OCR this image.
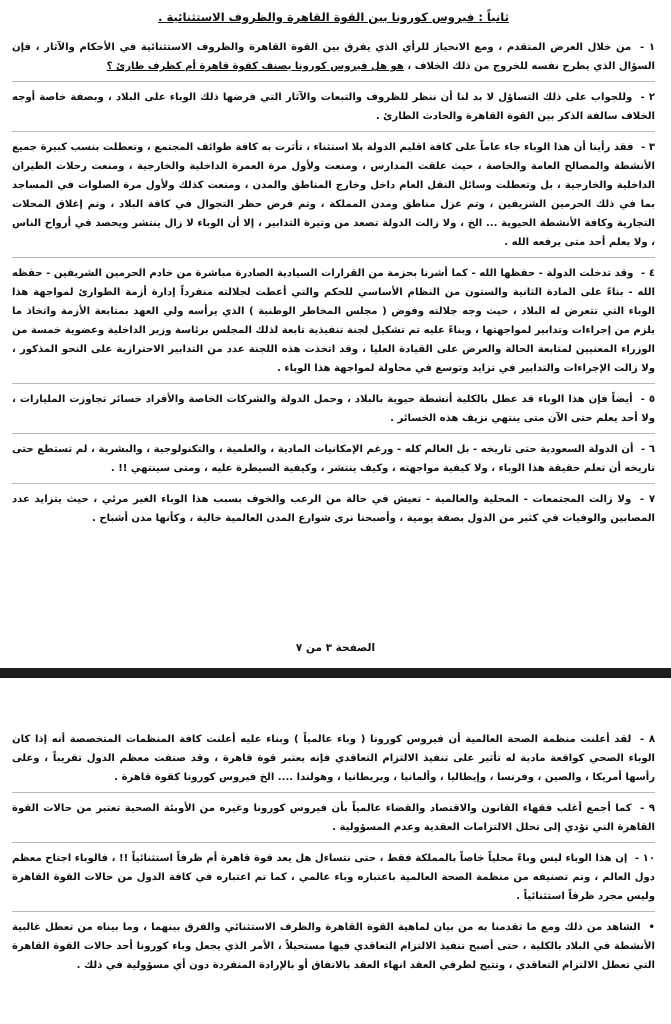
ثانياً : فيروس كورونا بين القوة القاهرة والظروف الاستثنائية .

١ - من خلال العرض المتقدم ، ومع الانحياز للرأي الذي يفرق بين القوة القاهرة والظروف الاستثنائية في الأحكام والآثار ، فإن السؤال الذي يطرح نفسه للخروج من ذلك الخلاف ، هو هل فيروس كورونا يصنف كقوة قاهرة أم كظرف طارئ ؟

٢ - وللجواب على ذلك التساؤل لا بد لنا أن ننظر للظروف والتبعات والآثار التي فرضها ذلك الوباء على البلاد ، وبصفة خاصة أوجه الخلاف سالفة الذكر بين القوة القاهرة والحادث الطارئ .

٣ - فقد رأينا أن هذا الوباء جاء عاماً على كافة اقليم الدولة بلا استثناء ، تأثرت به كافة طوائف المجتمع ، وتعطلت بنسب كبيرة جميع الأنشطة والمصالح العامة والخاصة ، حيث علقت المدارس ، ومنعت ولأول مرة العمرة الداخلية والخارجية ، ومنعت رحلات الطيران الداخلية والخارجية ، بل وتعطلت وسائل النقل العام داخل وخارج المناطق والمدن ، ومنعت كذلك ولأول مرة الصلوات في المساجد بما في ذلك الحرمين الشريفين ، وتم عزل مناطق ومدن المملكة ، وتم فرض حظر التجوال في كافة البلاد ، وتم إغلاق المحلات التجارية وكافة الأنشطة الحيوية ... الخ ، ولا زالت الدولة تصعد من وتيرة التدابير ، إلا أن الوباء لا زال ينتشر ويحصد في أرواح الناس ، ولا يعلم أحد متى يرفعه الله .

٤ - وقد تدخلت الدولة - حفظها الله - كما أشرنا بحزمة من القرارات السيادية الصادرة مباشرة من خادم الحرمين الشريفين - حفظه الله - بناءً على المادة الثانية والستون من النظام الأساسي للحكم والتي أعطت لجلالته منفرداً إدارة أزمة الطوارئ لمواجهة هذا الوباء التي تتعرض له البلاد ، حيث وجه جلالته وفوض ( مجلس المخاطر الوطنية ) الذي يرأسه ولي العهد بمتابعة الأزمة واتخاذ ما يلزم من إجراءات وتدابير لمواجهتها ، وبناءً عليه تم تشكيل لجنة تنفيذية تابعة لذلك المجلس برئاسة وزير الداخلية وعضوية خمسة من الوزراء المعنيين لمتابعة الحالة والعرض على القيادة العليا ، وقد اتخذت هذه اللجنة عدد من التدابير الاحترازية على النحو المذكور ، ولا زالت الإجراءات والتدابير في تزايد وتوسع في محاولة لمواجهة هذا الوباء .

٥ - أيضاً فإن هذا الوباء قد عطل بالكلية أنشطة حيوية بالبلاد ، وحمل الدولة والشركات الخاصة والأفراد خسائر تجاوزت المليارات ، ولا أحد يعلم حتى الآن متى ينتهي نزيف هذه الخسائر .

٦ - أن الدولة السعودية حتى تاريخه - بل العالم كله - ورغم الإمكانيات المادية ، والعلمية ، والتكنولوجية ، والبشرية ، لم تستطع حتى تاريخه أن تعلم حقيقة هذا الوباء ، ولا كيفية مواجهته ، وكيف ينتشر ، وكيفية السيطرة عليه ، ومتى سينتهي !! .

٧ - ولا زالت المجتمعات - المحلية والعالمية - تعيش في حالة من الرعب والخوف بسبب هذا الوباء الغير مرئي ، حيث يتزايد عدد المصابين والوفيات في كثير من الدول بصفة يومية ، وأصبحنا نرى شوارع المدن العالمية خالية ، وكأنها مدن أشباح .

الصفحة ٣ من ٧

٨ - لقد أعلنت منظمة الصحة العالمية أن فيروس كورونا ( وباء عالمياً ) وبناء عليه أعلنت كافة المنظمات المتخصصة أنه إذا كان الوباء الصحي كواقعة مادية له تأثير على تنفيذ الالتزام التعاقدي فإنه يعتبر قوة قاهرة ، وقد صنفت معظم الدول تقريباً ، وعلى رأسها أمريكا ، والصين ، وفرنسا ، وإيطاليا ، وألمانيا ، وبريطانيا ، وهولندا .... الخ فيروس كورونا كقوة قاهرة .

٩ - كما أجمع أغلب فقهاء القانون والاقتصاد والقضاء عالمياً بأن فيروس كورونا وغيره من الأوبئة الصحية تعتبر من حالات القوة القاهرة التي تؤدي إلى تحلل الالتزامات العقدية وعدم المسؤولية .

١٠ - إن هذا الوباء ليس وباءً محلياً خاصاً بالمملكة فقط ، حتى نتساءل هل يعد قوة قاهرة أم ظرفاً استثنائياً !! ، فالوباء اجتاح معظم دول العالم ، وتم تصنيفه من منظمة الصحة العالمية باعتباره وباء عالمي ، كما تم اعتباره في كافة الدول من حالات القوة القاهرة وليس مجرد ظرفاً استثنائياً .

• الشاهد من ذلك ومع ما تقدمنا به من بيان لماهية القوة القاهرة والظرف الاستثنائي والفرق بينهما ، وما بيناه من تعطل غالبية الأنشطة في البلاد بالكلية ، حتى أصبح تنفيذ الالتزام التعاقدي فيها مستحيلاً ، الأمر الذي يجعل وباء كورونا أحد حالات القوة القاهرة التي تعطل الالتزام التعاقدي ، وتتيح لطرفي العقد انهاء العقد بالاتفاق أو بالإرادة المنفردة دون أي مسؤولية في ذلك .
